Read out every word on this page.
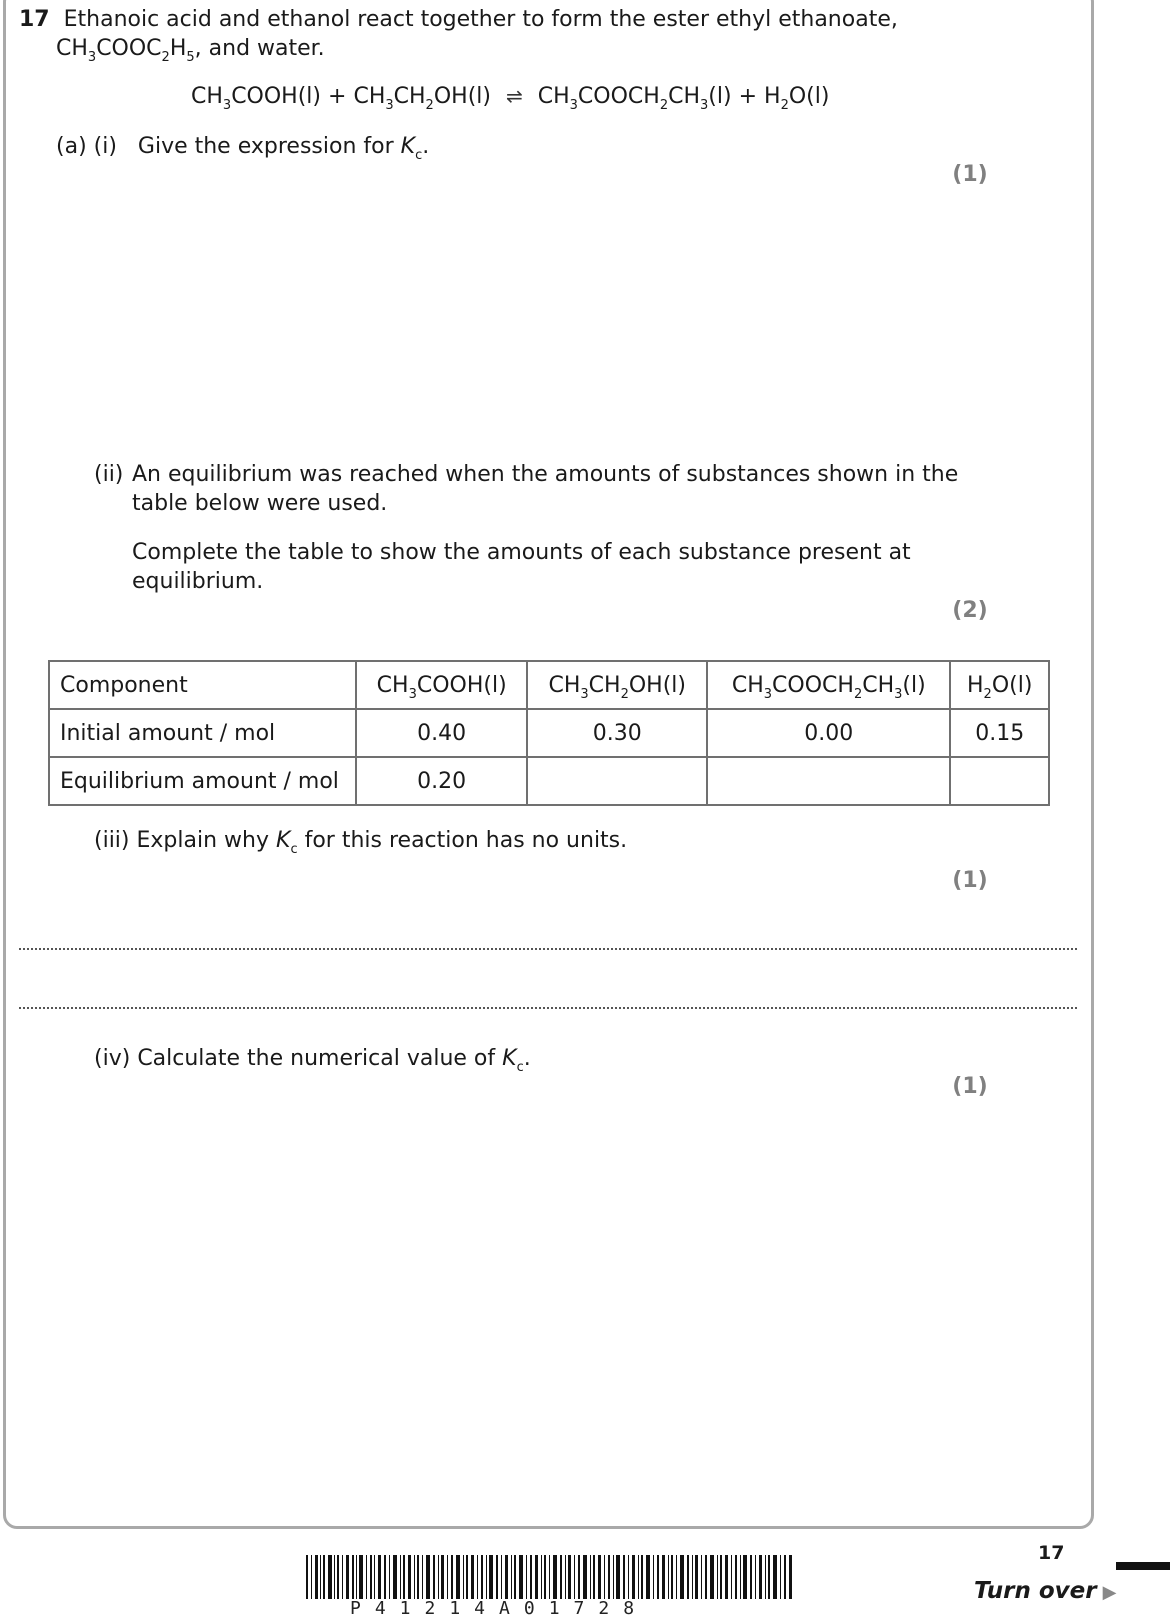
17 Ethanoic acid and ethanol react together to form the ester ethyl ethanoate,
$CH_3COOC_2H_5$, and water.
$CH_3COOH(l) + CH_3CH_2OH(l)$ ⇌ $CH_3COOCH_2CH_3(l) + H_2O(l)$
(a) (i) Give the expression for $K_c$.
(1)
(ii) An equilibrium was reached when the amounts of substances shown in the
table below were used.
Complete the table to show the amounts of each substance present at
equilibrium.
(2)
Component	$CH_3COOH(l)$	$CH_3CH_2OH(l)$	$CH_3COOCH_2CH_3(l)$	$H_2O(l)$
Initial amount / mol	0.40	0.30	0.00	0.15
Equilibrium amount / mol	0.20			
(iii) Explain why $K_c$ for this reaction has no units.
(1)
(iv) Calculate the numerical value of $K_c$.
(1)
P41214A01728
17
Turn over ▶
